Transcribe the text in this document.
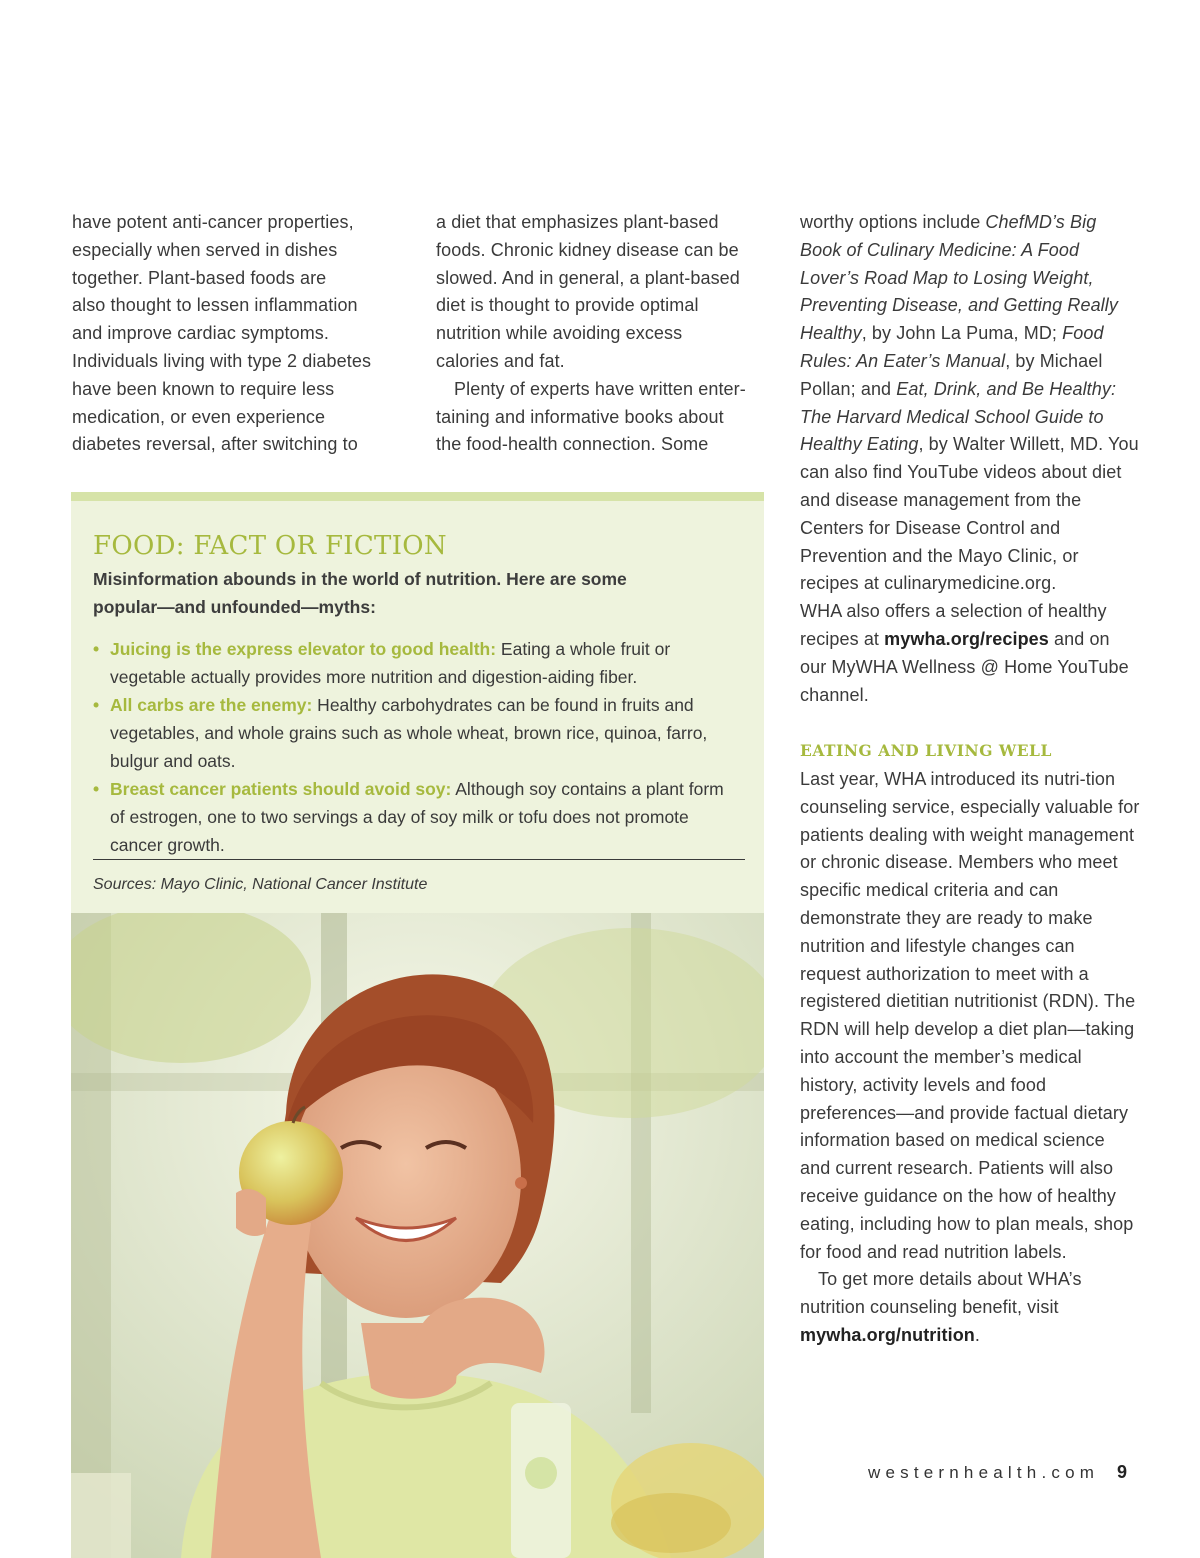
have potent anti-cancer properties,
especially when served in dishes
together. Plant-based foods are
also thought to lessen inflammation
and improve cardiac symptoms.
Individuals living with type 2 diabetes
have been known to require less
medication, or even experience
diabetes reversal, after switching to
a diet that emphasizes plant-based
foods. Chronic kidney disease can be
slowed. And in general, a plant-based
diet is thought to provide optimal
nutrition while avoiding excess
calories and fat.
Plenty of experts have written enter-
taining and informative books about
the food-health connection. Some

worthy options include ChefMD’s Big Book of Culinary Medicine: A Food Lover’s Road Map to Losing Weight, Preventing Disease, and Getting Really Healthy, by John La Puma, MD; Food Rules: An Eater’s Manual, by Michael Pollan; and Eat, Drink, and Be Healthy: The Harvard Medical School Guide to Healthy Eating, by Walter Willett, MD. You can also find YouTube videos about diet and disease management from the Centers for Disease Control and Prevention and the Mayo Clinic, or recipes at culinarymedicine.org.

WHA also offers a selection of healthy recipes at mywha.org/recipes and on our MyWHA Wellness @ Home YouTube channel.

EATING AND LIVING WELL

Last year, WHA introduced its nutri-tion counseling service, especially valuable for patients dealing with weight management or chronic disease. Members who meet specific medical criteria and can demonstrate they are ready to make nutrition and lifestyle changes can request authorization to meet with a registered dietitian nutritionist (RDN). The RDN will help develop a diet plan—taking into account the member’s medical history, activity levels and food preferences—and provide factual dietary information based on medical science and current research. Patients will also receive guidance on the how of healthy eating, including how to plan meals, shop for food and read nutrition labels.

To get more details about WHA’s nutrition counseling benefit, visit mywha.org/nutrition.

FOOD: FACT OR FICTION
Misinformation abounds in the world of nutrition. Here are some popular—and unfounded—myths:
• Juicing is the express elevator to good health: Eating a whole fruit or vegetable actually provides more nutrition and digestion-aiding fiber.
• All carbs are the enemy: Healthy carbohydrates can be found in fruits and vegetables, and whole grains such as whole wheat, brown rice, quinoa, farro, bulgur and oats.
• Breast cancer patients should avoid soy: Although soy contains a plant form of estrogen, one to two servings a day of soy milk or tofu does not promote cancer growth.
Sources: Mayo Clinic, National Cancer Institute
westernhealth.com 9
